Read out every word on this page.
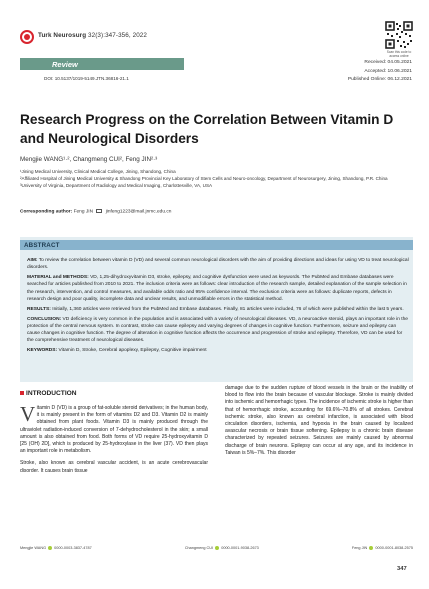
Turk Neurosurg 32(3):347-356, 2022
Scan this code to access online
Review
DOI: 10.5137/1019-5149.JTN.36816-21.1
Received: 04.05.2021
Accepted: 10.06.2021
Published Online: 06.12.2021
Research Progress on the Correlation Between Vitamin D and Neurological Disorders
Mengjie WANG¹·², Changmeng CUI², Feng JIN²·³
¹Jining Medical University, Clinical Medical College, Jining, Shandong, China
²Affiliated Hospital of Jining Medical University & Shandong Provincial Key Laboratory of Stem Cells and Neuro-oncology, Department of Neurosurgery, Jining, Shandong, P.R. China
³University of Virginia, Department of Radiology and Medical Imaging, Charlottesville, VA, USA
Corresponding author: Feng JIN	jinfeng1223@mail.jnmc.edu.cn
ABSTRACT

AIM: To review the correlation between vitamin D (VD) and several common neurological disorders with the aim of providing directions and ideas for using VD to treat neurological disorders.

MATERIAL and METHODS: VD, 1,25-dihydroxyvitamin D3, stroke, epilepsy, and cognitive dysfunction were used as keywords. The PubMed and Embase databases were searched for articles published from 2010 to 2021. The inclusion criteria were as follows: clear introduction of the research sample, detailed explanation of the sample selection in the research, intervention, and control measures, and available odds ratio and 95% confidence interval. The exclusion criteria were as follows: duplicate reports, defects in research design and poor quality, incomplete data and unclear results, and unmodifiable errors in the statistical method.

RESULTS: Initially, 1,360 articles were retrieved from the PubMed and Embase databases. Finally, 81 articles were included, 76 of which were published within the last 5 years.

CONCLUSION: VD deficiency is very common in the population and is associated with a variety of neurological diseases. VD, a neuroactive steroid, plays an important role in the protection of the central nervous system. In contrast, stroke can cause epilepsy and varying degrees of changes in cognitive function. Furthermore, seizure and epilepsy can cause changes in cognitive function. The degree of alteration in cognitive function affects the occurrence and progression of stroke and epilepsy. Therefore, VD can be used for the comprehensive treatment of neurological diseases.

KEYWORDS: Vitamin D, Stroke, Cerebral apoplexy, Epilepsy, Cognitive impairment

INTRODUCTION

Vitamin D (VD) is a group of fat-soluble steroid derivatives; in the human body, it is mainly present in the form of vitamins D2 and D3. Vitamin D2 is mainly obtained from plant foods. Vitamin D3 is mainly produced through the ultraviolet radiation-induced conversion of 7-dehydrocholesterol in the skin; a small amount is also obtained from food. Both forms of VD require 25-hydroxyvitamin D [25 (OH) 2D], which is produced by 25-hydroxylase in the liver (37). VD then plays an important role in metabolism.

Stroke, also known as cerebral vascular accident, is an acute cerebrovascular disorder. It causes brain tissue

damage due to the sudden rupture of blood vessels in the brain or the inability of blood to flow into the brain because of vascular blockage. Stroke is mainly divided into ischemic and hemorrhagic types. The incidence of ischemic stroke is higher than that of hemorrhagic stroke, accounting for 69.6%–70.8% of all strokes. Cerebral ischemic stroke, also known as cerebral infarction, is associated with blood circulation disorders, ischemia, and hypoxia in the brain caused by localized avascular necrosis or brain tissue softening. Epilepsy is a chronic brain disease characterized by repeated seizures. Seizures are mainly caused by abnormal discharge of brain neurons. Epilepsy can occur at any age, and its incidence in Taiwan is 5%–7%. This disorder

Mengjie WANG 0000-0003-3837-4787	Changmeng CUI 0000-0001-9038-2673	Feng JIN 0000-0001-8038-2575
347
